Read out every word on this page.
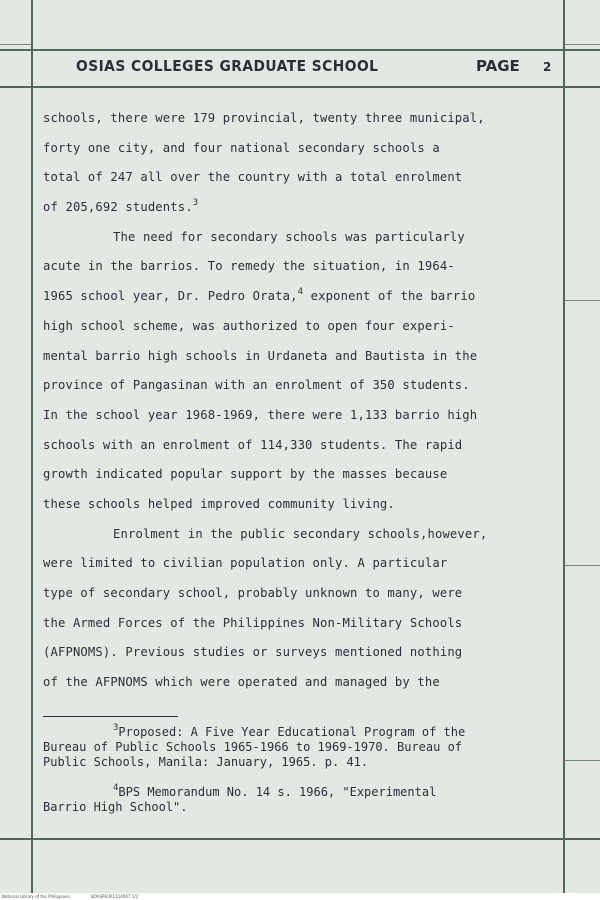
OSIAS COLLEGES GRADUATE SCHOOL	PAGE 2
schools, there were 179 provincial, twenty three municipal,
forty one city, and four national secondary schools a
total of 247 all over the country with a total enrolment
of 205,692 students.$^3$
The need for secondary schools was particularly
acute in the barrios. To remedy the situation, in 1964-
1965 school year, Dr. Pedro Orata,$^4$ exponent of the barrio
high school scheme, was authorized to open four experi-
mental barrio high schools in Urdaneta and Bautista in the
province of Pangasinan with an enrolment of 350 students.
In the school year 1968-1969, there were 1,133 barrio high
schools with an enrolment of 114,330 students. The rapid
growth indicated popular support by the masses because
these schools helped improved community living.
Enrolment in the public secondary schools,however,
were limited to civilian population only. A particular
type of secondary school, probably unknown to many, were
the Armed Forces of the Philippines Non-Military Schools
(AFPNOMS). Previous studies or surveys mentioned nothing
of the AFPNOMS which were operated and managed by the
$^3$Proposed: A Five Year Educational Program of the
Bureau of Public Schools 1965-1966 to 1969-1970. Bureau of
Public Schools, Manila: January, 1965. p. 41.
$^4$BPS Memorandum No. 14 s. 1966, "Experimental
Barrio High School".
National Library of the Philippines	BOASPEUR1114007 1/2
